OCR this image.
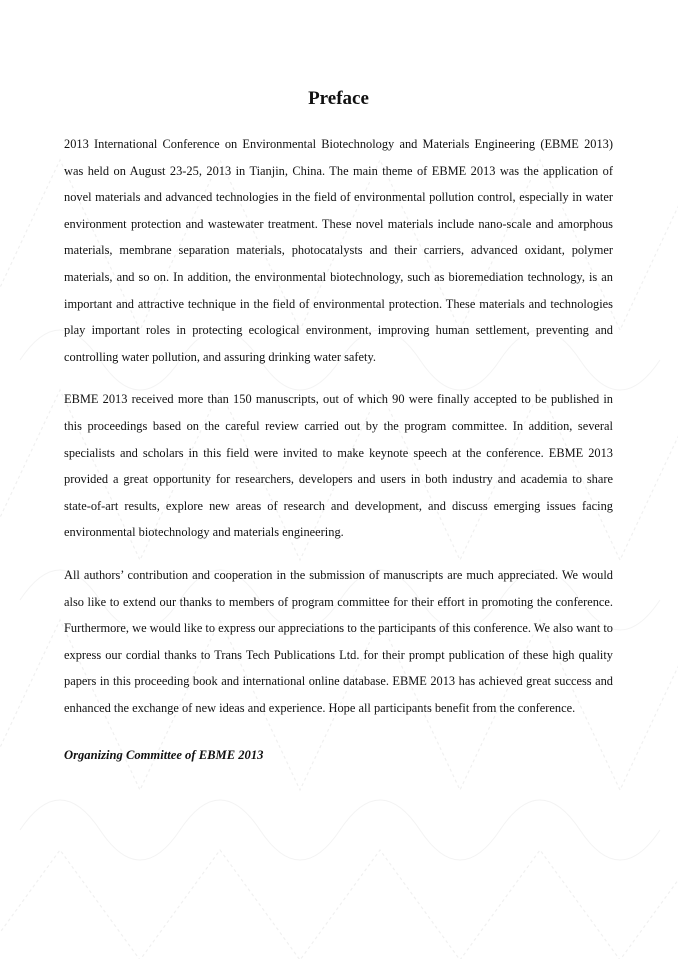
Preface

2013 International Conference on Environmental Biotechnology and Materials Engineering (EBME 2013) was held on August 23-25, 2013 in Tianjin, China. The main theme of EBME 2013 was the application of novel materials and advanced technologies in the field of environmental pollution control, especially in water environment protection and wastewater treatment. These novel materials include nano-scale and amorphous materials, membrane separation materials, photocatalysts and their carriers, advanced oxidant, polymer materials, and so on. In addition, the environmental biotechnology, such as bioremediation technology, is an important and attractive technique in the field of environmental protection. These materials and technologies play important roles in protecting ecological environment, improving human settlement, preventing and controlling water pollution, and assuring drinking water safety.

EBME 2013 received more than 150 manuscripts, out of which 90 were finally accepted to be published in this proceedings based on the careful review carried out by the program committee. In addition, several specialists and scholars in this field were invited to make keynote speech at the conference. EBME 2013 provided a great opportunity for researchers, developers and users in both industry and academia to share state-of-art results, explore new areas of research and development, and discuss emerging issues facing environmental biotechnology and materials engineering.

All authors’ contribution and cooperation in the submission of manuscripts are much appreciated. We would also like to extend our thanks to members of program committee for their effort in promoting the conference. Furthermore, we would like to express our appreciations to the participants of this conference. We also want to express our cordial thanks to Trans Tech Publications Ltd. for their prompt publication of these high quality papers in this proceeding book and international online database. EBME 2013 has achieved great success and enhanced the exchange of new ideas and experience. Hope all participants benefit from the conference.

Organizing Committee of EBME 2013
